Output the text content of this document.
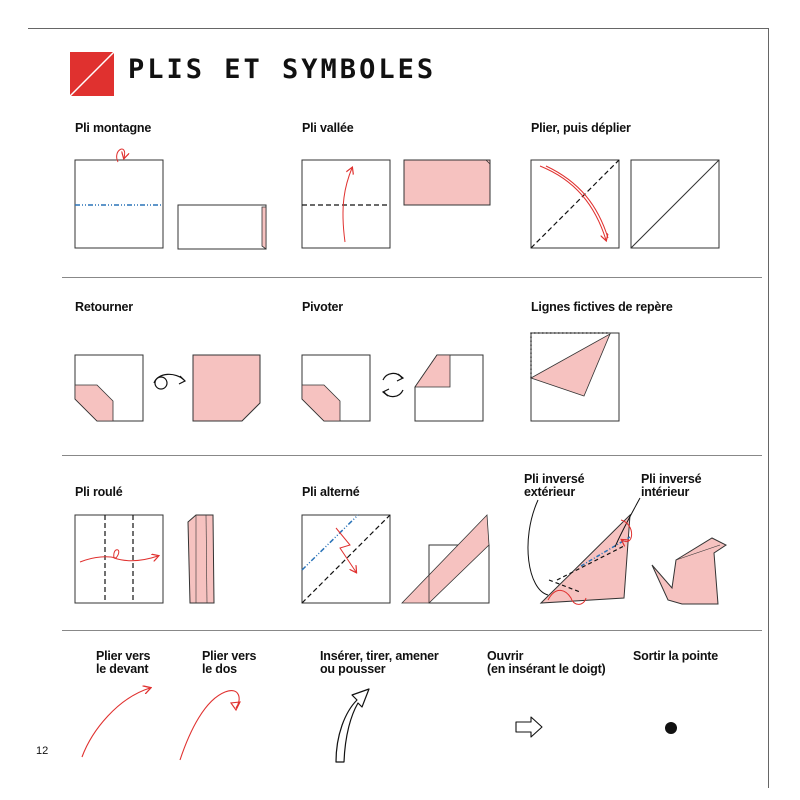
PLIS ET SYMBOLES
Pli montagne	Pli vallée	Plier, puis déplier
Retourner	Pivoter	Lignes fictives de repère
Pli roulé	Pli alterné
Pli inversé
extérieur
Pli inversé
intérieur
Plier vers
le devant
Plier vers
le dos
Insérer, tirer, amener
ou pousser
Ouvrir
(en insérant le doigt)
Sortir la pointe
12
